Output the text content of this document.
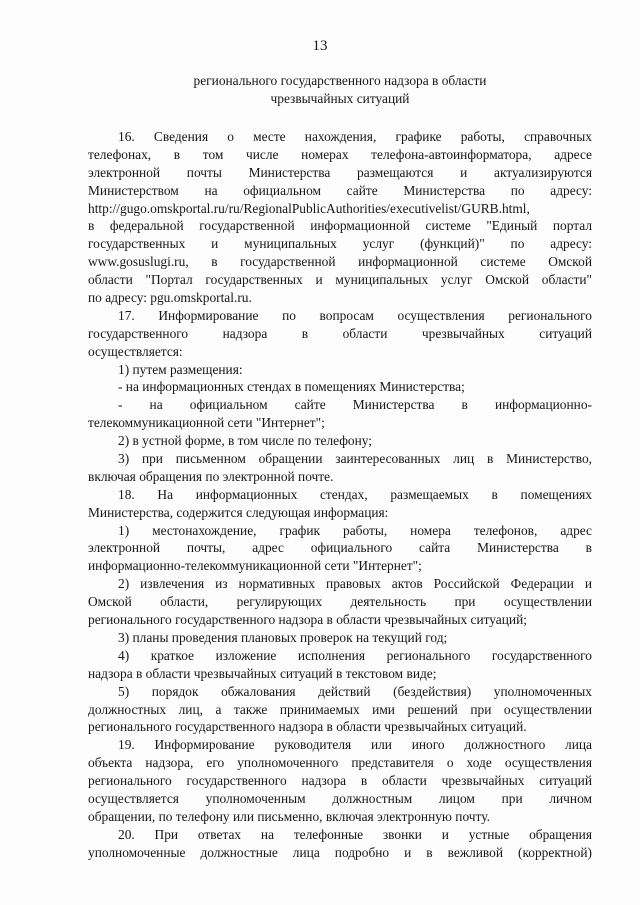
13
регионального государственного надзора в области
чрезвычайных ситуаций
16. Сведения о месте нахождения, графике работы, справочных
телефонах, в том числе номерах телефона-автоинформатора, адресе
электронной почты Министерства размещаются и актуализируются
Министерством на официальном сайте Министерства по адресу:
http://gugo.omskportal.ru/ru/RegionalPublicAuthorities/executivelist/GURB.html,
в федеральной государственной информационной системе "Единый портал
государственных и муниципальных услуг (функций)" по адресу:
www.gosuslugi.ru, в государственной информационной системе Омской
области "Портал государственных и муниципальных услуг Омской области"
по адресу: pgu.omskportal.ru.
17. Информирование по вопросам осуществления регионального
государственного надзора в области чрезвычайных ситуаций
осуществляется:
1) путем размещения:
- на информационных стендах в помещениях Министерства;
- на официальном сайте Министерства в информационно-
телекоммуникационной сети "Интернет";
2) в устной форме, в том числе по телефону;
3) при письменном обращении заинтересованных лиц в Министерство,
включая обращения по электронной почте.
18. На информационных стендах, размещаемых в помещениях
Министерства, содержится следующая информация:
1) местонахождение, график работы, номера телефонов, адрес
электронной почты, адрес официального сайта Министерства в
информационно-телекоммуникационной сети "Интернет";
2) извлечения из нормативных правовых актов Российской Федерации и
Омской области, регулирующих деятельность при осуществлении
регионального государственного надзора в области чрезвычайных ситуаций;
3) планы проведения плановых проверок на текущий год;
4) краткое изложение исполнения регионального государственного
надзора в области чрезвычайных ситуаций в текстовом виде;
5) порядок обжалования действий (бездействия) уполномоченных
должностных лиц, а также принимаемых ими решений при осуществлении
регионального государственного надзора в области чрезвычайных ситуаций.
19. Информирование руководителя или иного должностного лица
объекта надзора, его уполномоченного представителя о ходе осуществления
регионального государственного надзора в области чрезвычайных ситуаций
осуществляется уполномоченным должностным лицом при личном
обращении, по телефону или письменно, включая электронную почту.
20. При ответах на телефонные звонки и устные обращения
уполномоченные должностные лица подробно и в вежливой (корректной)
